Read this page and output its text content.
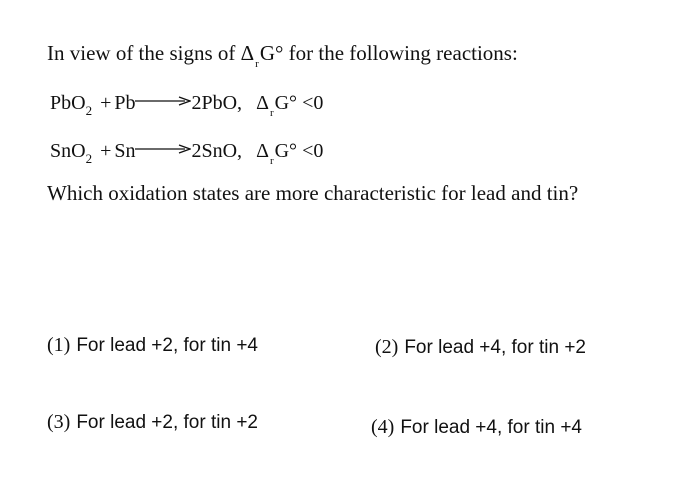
In view of the signs of $\Delta_rG^\circ$ for the following reactions:
PbO$_2$ + Pb→2PbO, $\Delta_rG^\circ <0$
SnO$_2$ + Sn→2SnO, $\Delta_rG^\circ <0$
Which oxidation states are more characteristic for lead and tin?
(1) For lead +2, for tin +4	(2) For lead +4, for tin +2
(3) For lead +2, for tin +2	(4) For lead +4, for tin +4
